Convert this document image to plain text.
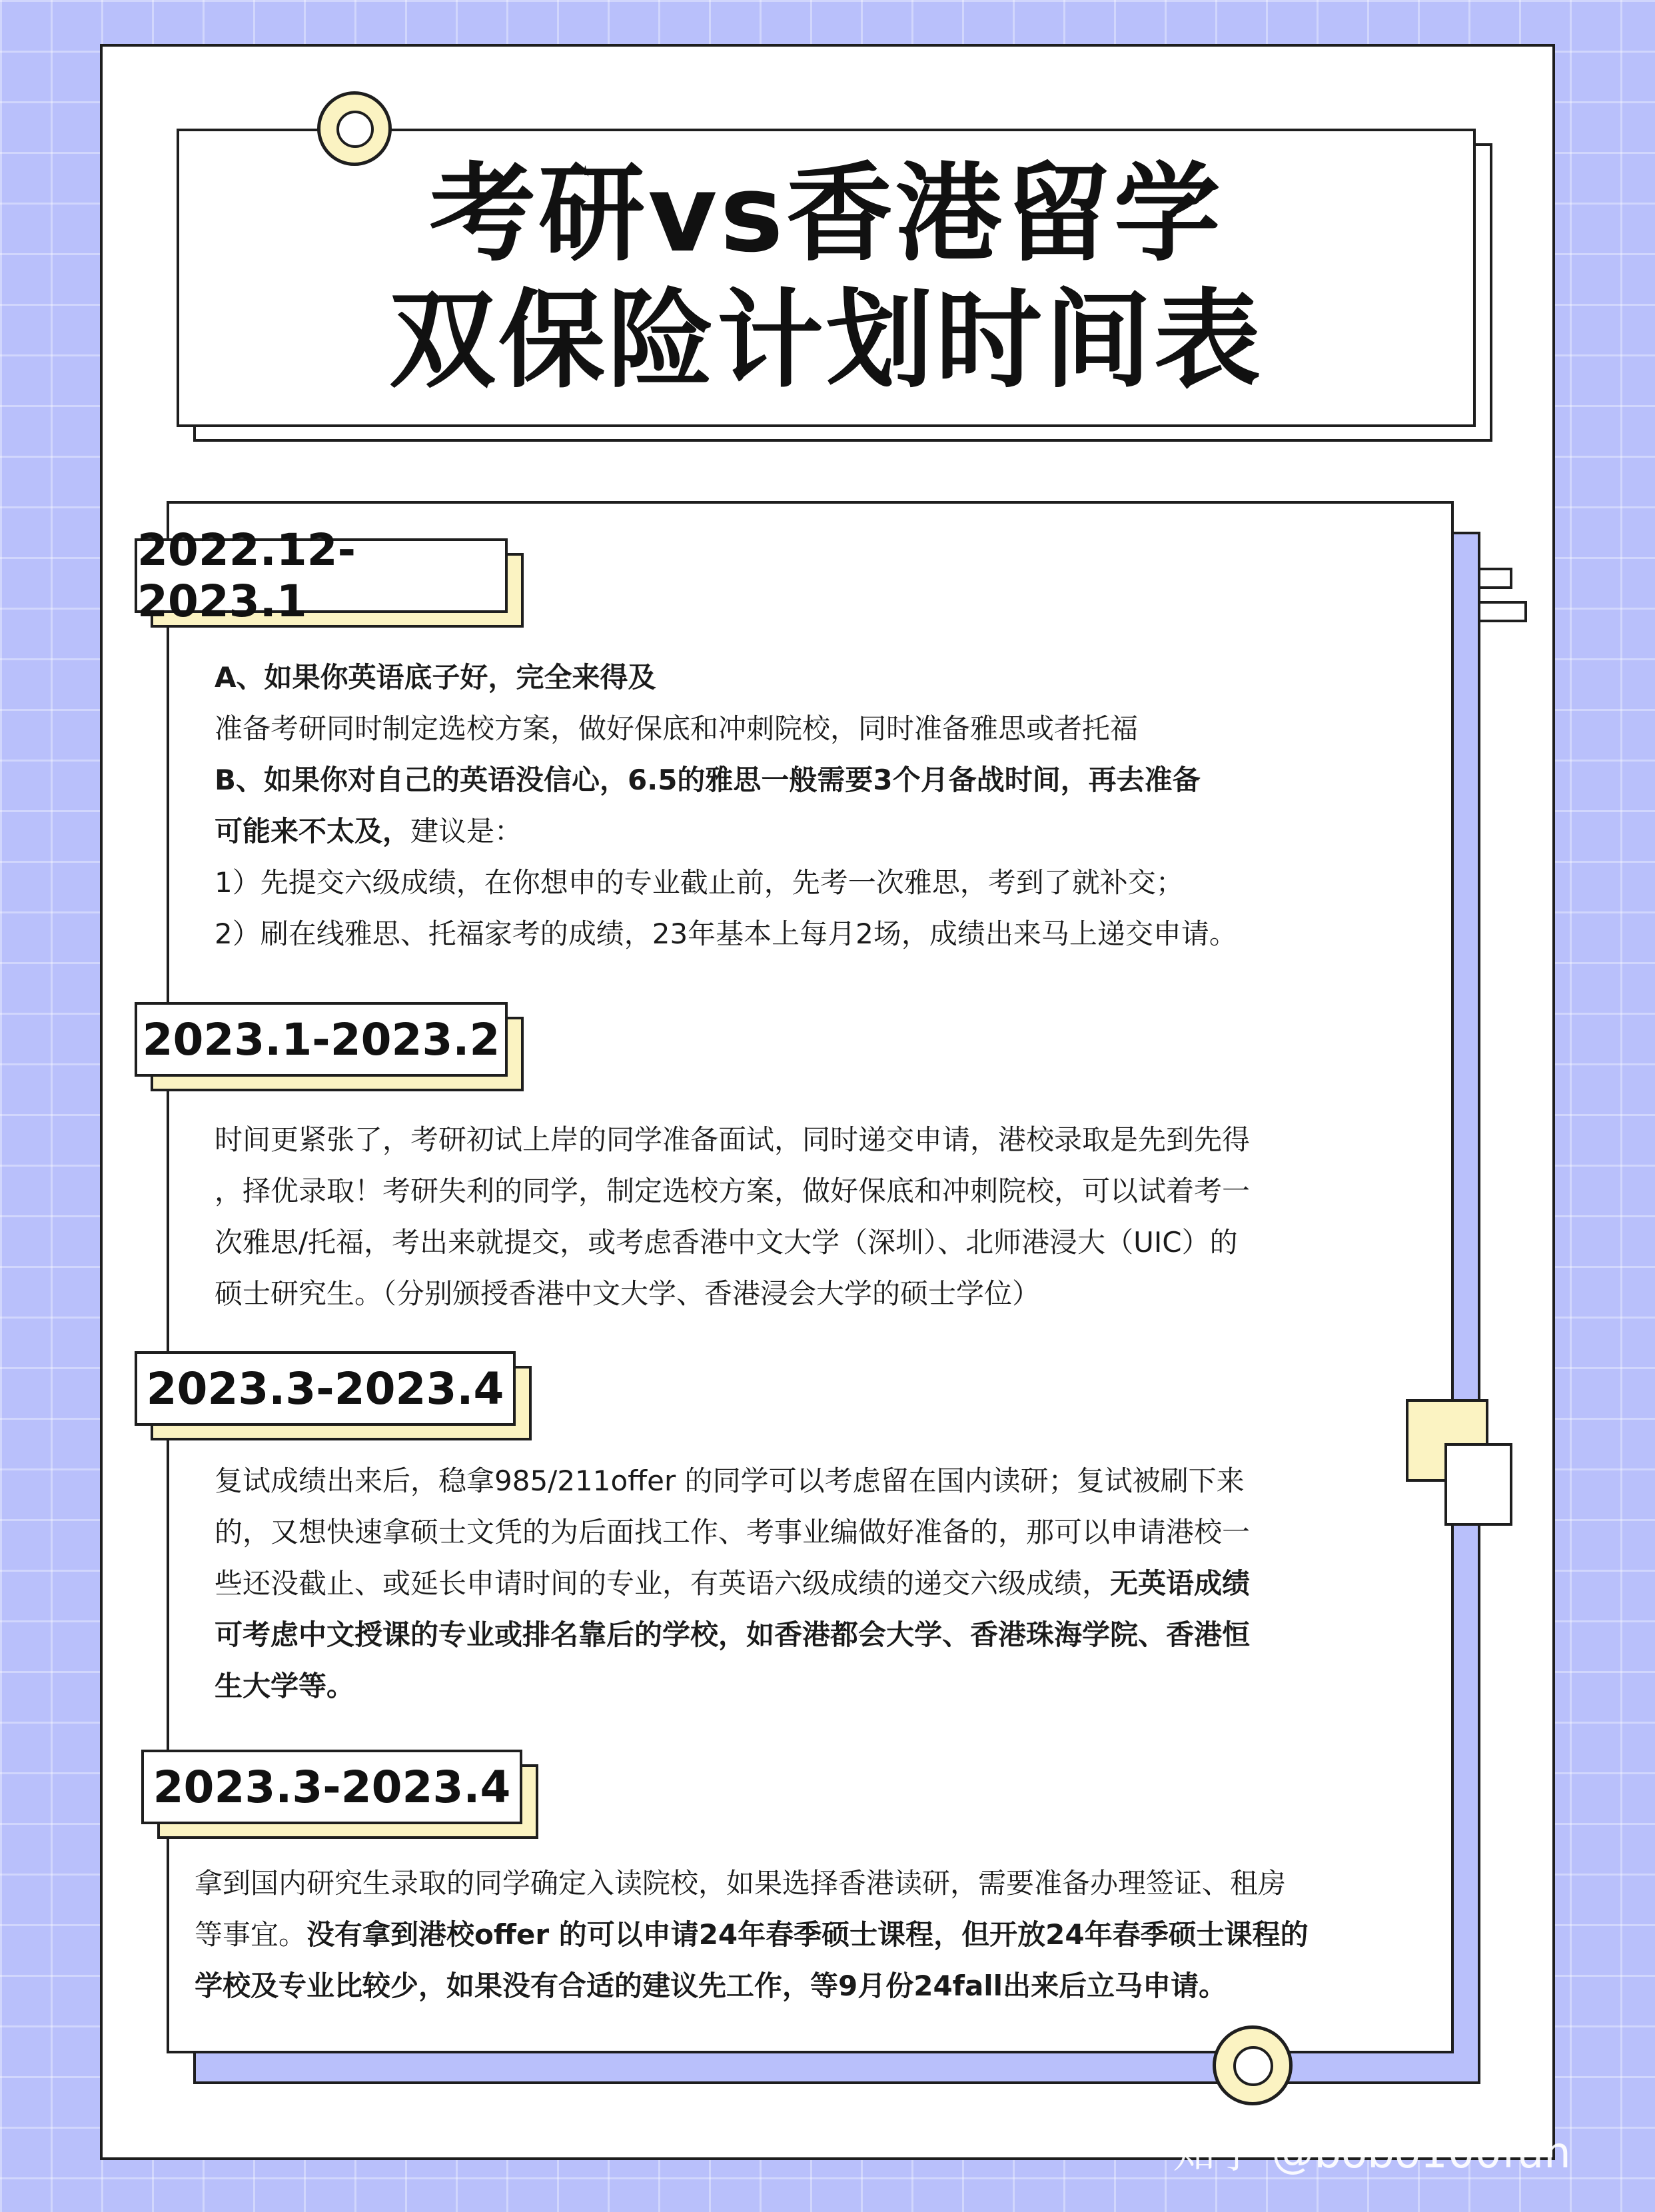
考研vs香港留学
双保险计划时间表
2022.12-2023.1

A、如果你英语底子好，完全来得及

准备考研同时制定选校方案，做好保底和冲刺院校，同时准备雅思或者托福

B、如果你对自己的英语没信心，6.5的雅思一般需要3个月备战时间，再去准备

可能来不太及，建议是：

1）先提交六级成绩，在你想申的专业截止前，先考一次雅思，考到了就补交；

2）刷在线雅思、托福家考的成绩，23年基本上每月2场，成绩出来马上递交申请。

2023.1-2023.2

时间更紧张了，考研初试上岸的同学准备面试，同时递交申请，港校录取是先到先得

，择优录取！考研失利的同学，制定选校方案，做好保底和冲刺院校，可以试着考一

次雅思/托福，考出来就提交，或考虑香港中文大学（深圳）、北师港浸大（UIC）的

硕士研究生。（分别颁授香港中文大学、香港浸会大学的硕士学位）

2023.3-2023.4

复试成绩出来后，稳拿985/211offer 的同学可以考虑留在国内读研；复试被刷下来

的，又想快速拿硕士文凭的为后面找工作、考事业编做好准备的，那可以申请港校一

些还没截止、或延长申请时间的专业，有英语六级成绩的递交六级成绩，无英语成绩

可考虑中文授课的专业或排名靠后的学校，如香港都会大学、香港珠海学院、香港恒

生大学等。

2023.3-2023.4

拿到国内研究生录取的同学确定入读院校，如果选择香港读研，需要准备办理签证、租房

等事宜。没有拿到港校offer 的可以申请24年春季硕士课程，但开放24年春季硕士课程的

学校及专业比较少，如果没有合适的建议先工作，等9月份24fall出来后立马申请。

知乎 @bobo100fun
